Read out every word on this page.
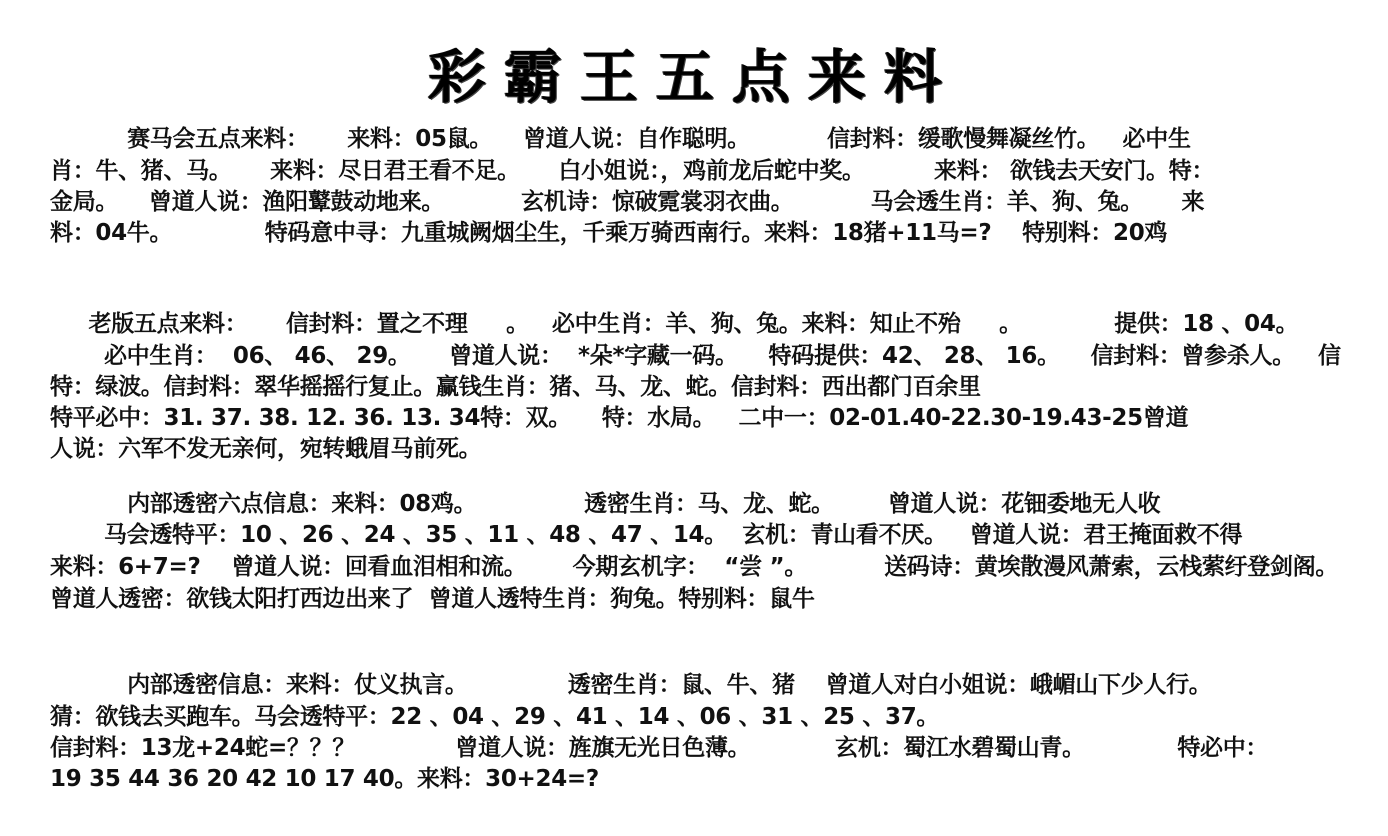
彩霸王五点来料
赛马会五点来料：     来料：05鼠。    曾道人说：自作聪明。          信封料：缓歌慢舞凝丝竹。   必中生
肖：牛、猪、马。     来料：尽日君王看不足。     白小姐说：，鸡前龙后蛇中奖。         来料： 欲钱去天安门。特：
金局。    曾道人说：渔阳鼙鼓动地来。          玄机诗：惊破霓裳羽衣曲。          马会透生肖：羊、狗、兔。     来
料：04牛。            特码意中寻：九重城阙烟尘生，千乘万骑西南行。来料：18猪+11马=?    特别料：20鸡
老版五点来料：     信封料：置之不理     。   必中生肖：羊、狗、兔。来料：知止不殆     。            提供：18 、04。
必中生肖：  06、 46、 29。     曾道人说：  *朵*字藏一码。    特码提供：42、 28、 16。    信封料：曾参杀人。   信
特：绿波。信封料：翠华摇摇行复止。赢钱生肖：猪、马、龙、蛇。信封料：西出都门百余里
特平必中：31. 37. 38. 12. 36. 13. 34特：双。    特：水局。   二中一：02-01.40-22.30-19.43-25曾道
人说：六军不发无亲何，宛转蛾眉马前死。
内部透密六点信息：来料：08鸡。              透密生肖：马、龙、蛇。       曾道人说：花钿委地无人收
马会透特平：10 、26 、24 、35 、11 、48 、47 、14。  玄机：青山看不厌。   曾道人说：君王掩面救不得
来料：6+7=?    曾道人说：回看血泪相和流。      今期玄机字：  “尝 ”。          送码诗：黄埃散漫风萧索，云栈萦纡登剑阁。
曾道人透密：欲钱太阳打西边出来了  曾道人透特生肖：狗兔。特别料：鼠牛
内部透密信息：来料：仗义执言。             透密生肖：鼠、牛、猪    曾道人对白小姐说：峨嵋山下少人行。
猜：欲钱去买跑车。马会透特平：22 、04 、29 、41 、14 、06 、31 、25 、37。
信封料：13龙+24蛇=？？？             曾道人说：旌旗无光日色薄。           玄机：蜀江水碧蜀山青。            特必中：
19 35 44 36 20 42 10 17 40。来料：30+24=?
